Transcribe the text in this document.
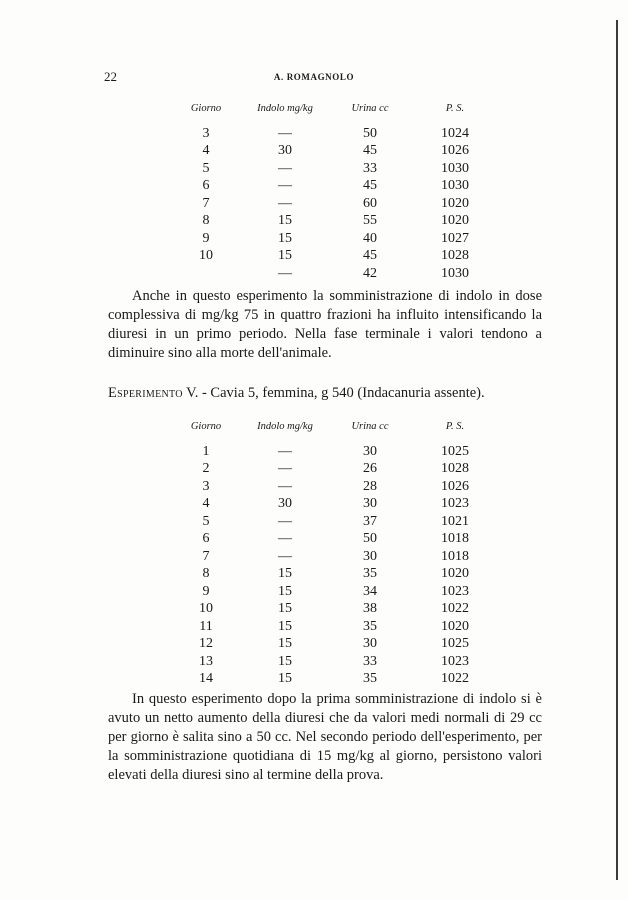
22	A. ROMAGNOLO
Giorno	Indolo mg/kg	Urina cc	P. S.
3	—	50	1024
4	30	45	1026
5	—	33	1030
6	—	45	1030
7	—	60	1020
8	15	55	1020
9	15	40	1027
10	15	45	1028
	—	42	1030

Anche in questo esperimento la somministrazione di indolo in dose complessiva di mg/kg 75 in quattro frazioni ha influito intensificando la diuresi in un primo periodo. Nella fase terminale i valori tendono a diminuire sino alla morte dell'animale.

Esperimento V. - Cavia 5, femmina, g 540 (Indacanuria assente).

Giorno	Indolo mg/kg	Urina cc	P. S.
1	—	30	1025
2	—	26	1028
3	—	28	1026
4	30	30	1023
5	—	37	1021
6	—	50	1018
7	—	30	1018
8	15	35	1020
9	15	34	1023
10	15	38	1022
11	15	35	1020
12	15	30	1025
13	15	33	1023
14	15	35	1022

In questo esperimento dopo la prima somministrazione di indolo si è avuto un netto aumento della diuresi che da valori medi normali di 29 cc per giorno è salita sino a 50 cc. Nel secondo periodo dell'esperimento, per la somministrazione quotidiana di 15 mg/kg al giorno, persistono valori elevati della diuresi sino al termine della prova.
